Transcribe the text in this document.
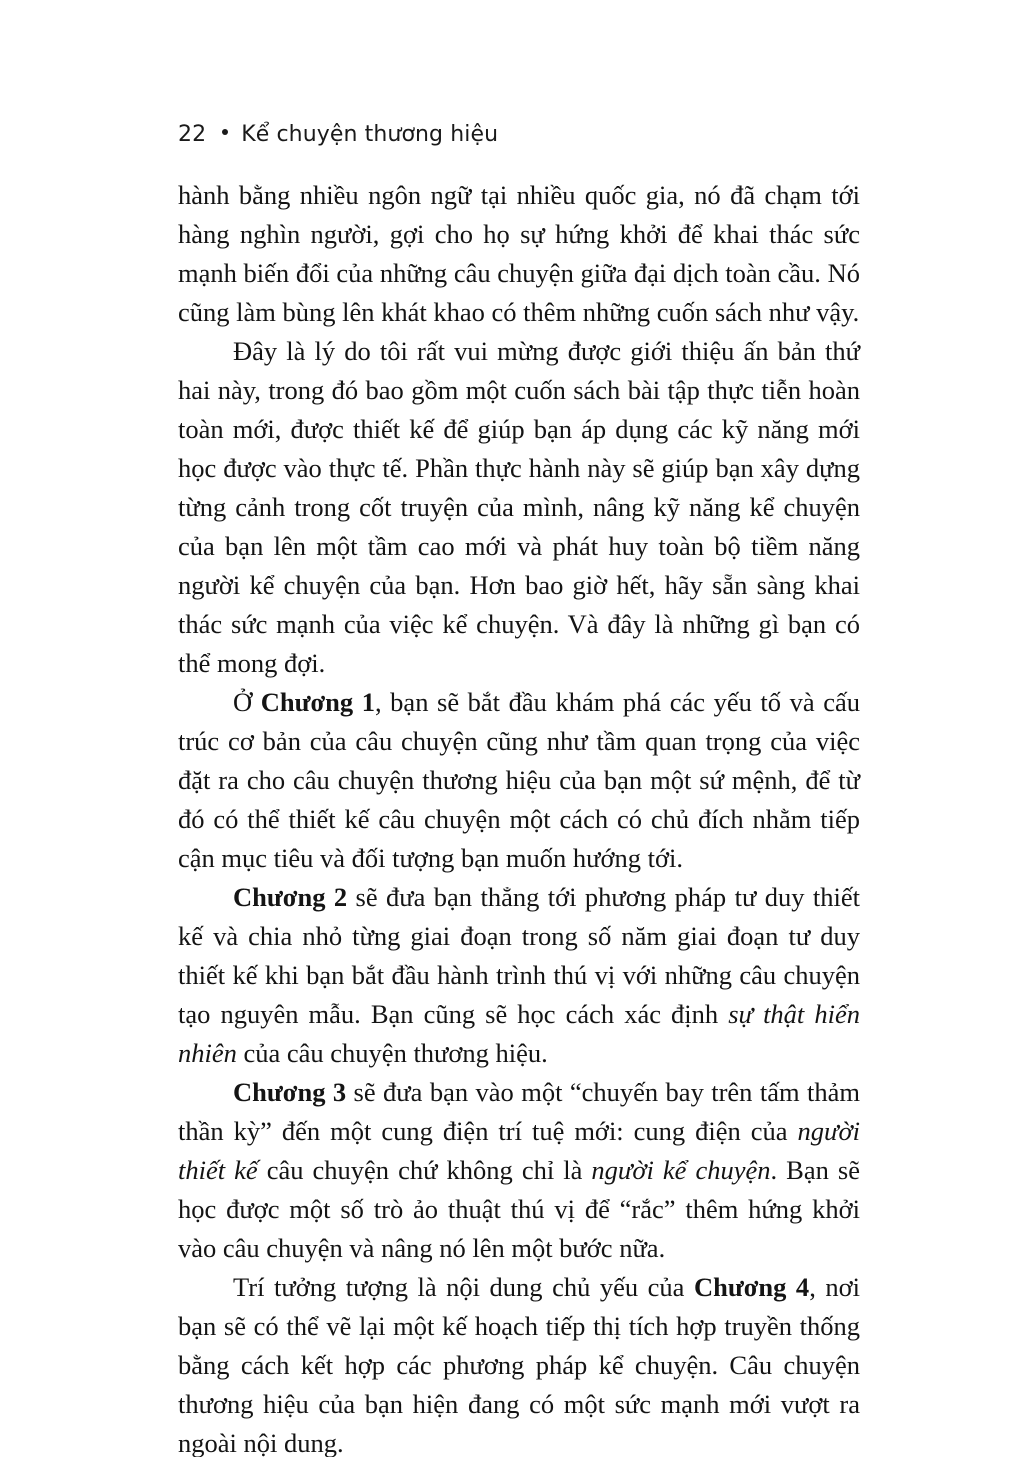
22 Kể chuyện thương hiệu

hành bằng nhiều ngôn ngữ tại nhiều quốc gia, nó đã chạm tới hàng nghìn người, gợi cho họ sự hứng khởi để khai thác sức mạnh biến đổi của những câu chuyện giữa đại dịch toàn cầu. Nó cũng làm bùng lên khát khao có thêm những cuốn sách như vậy.

Đây là lý do tôi rất vui mừng được giới thiệu ấn bản thứ hai này, trong đó bao gồm một cuốn sách bài tập thực tiễn hoàn toàn mới, được thiết kế để giúp bạn áp dụng các kỹ năng mới học được vào thực tế. Phần thực hành này sẽ giúp bạn xây dựng từng cảnh trong cốt truyện của mình, nâng kỹ năng kể chuyện của bạn lên một tầm cao mới và phát huy toàn bộ tiềm năng người kể chuyện của bạn. Hơn bao giờ hết, hãy sẵn sàng khai thác sức mạnh của việc kể chuyện. Và đây là những gì bạn có thể mong đợi.

Ở Chương 1, bạn sẽ bắt đầu khám phá các yếu tố và cấu trúc cơ bản của câu chuyện cũng như tầm quan trọng của việc đặt ra cho câu chuyện thương hiệu của bạn một sứ mệnh, để từ đó có thể thiết kế câu chuyện một cách có chủ đích nhằm tiếp cận mục tiêu và đối tượng bạn muốn hướng tới.

Chương 2 sẽ đưa bạn thẳng tới phương pháp tư duy thiết kế và chia nhỏ từng giai đoạn trong số năm giai đoạn tư duy thiết kế khi bạn bắt đầu hành trình thú vị với những câu chuyện tạo nguyên mẫu. Bạn cũng sẽ học cách xác định sự thật hiển nhiên của câu chuyện thương hiệu.

Chương 3 sẽ đưa bạn vào một “chuyến bay trên tấm thảm thần kỳ” đến một cung điện trí tuệ mới: cung điện của người thiết kế câu chuyện chứ không chỉ là người kể chuyện. Bạn sẽ học được một số trò ảo thuật thú vị để “rắc” thêm hứng khởi vào câu chuyện và nâng nó lên một bước nữa.

Trí tưởng tượng là nội dung chủ yếu của Chương 4, nơi bạn sẽ có thể vẽ lại một kế hoạch tiếp thị tích hợp truyền thống bằng cách kết hợp các phương pháp kể chuyện. Câu chuyện thương hiệu của bạn hiện đang có một sức mạnh mới vượt ra ngoài nội dung.
